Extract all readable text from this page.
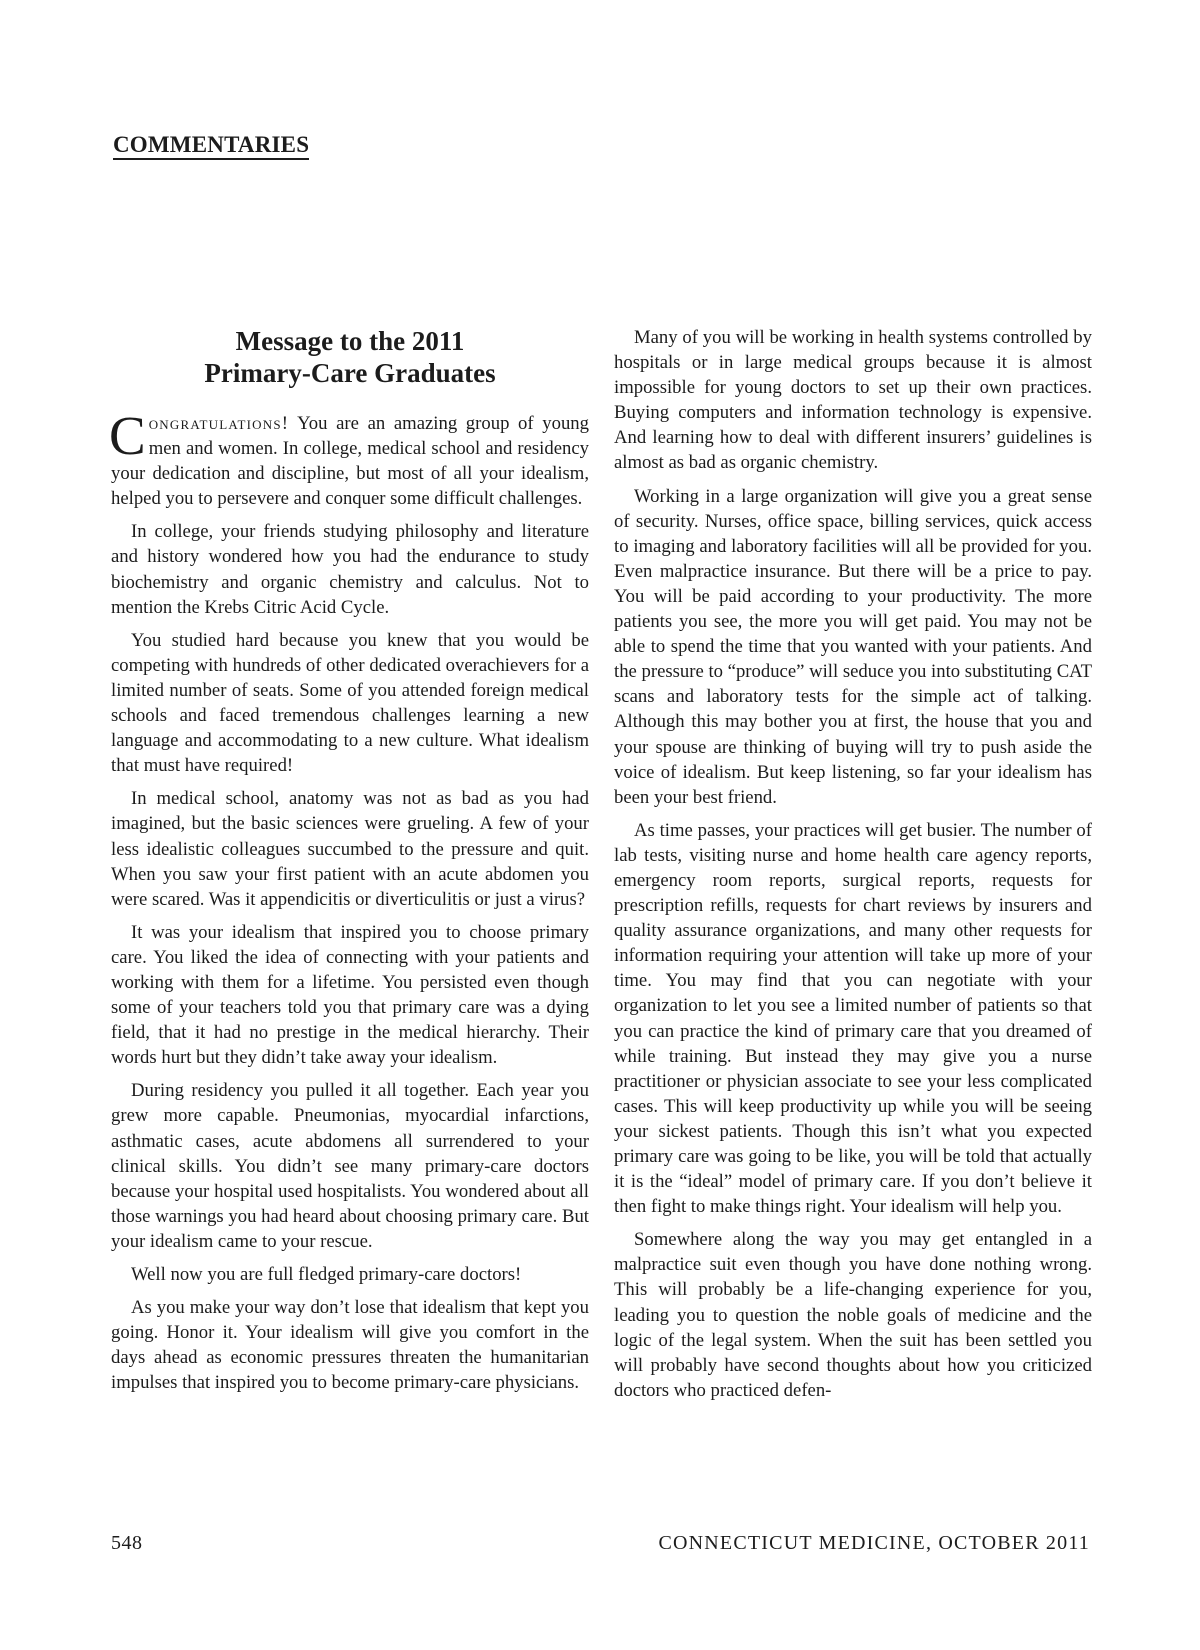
COMMENTARIES
Message to the 2011
Primary-Care Graduates

Congratulations! You are an amazing group of young men and women. In college, medical school and residency your dedication and discipline, but most of all your idealism, helped you to persevere and conquer some difficult challenges.

In college, your friends studying philosophy and literature and history wondered how you had the endurance to study biochemistry and organic chemistry and calculus. Not to mention the Krebs Citric Acid Cycle.

You studied hard because you knew that you would be competing with hundreds of other dedicated overachievers for a limited number of seats. Some of you attended foreign medical schools and faced tremendous challenges learning a new language and accommodating to a new culture. What idealism that must have required!

In medical school, anatomy was not as bad as you had imagined, but the basic sciences were grueling. A few of your less idealistic colleagues succumbed to the pressure and quit. When you saw your first patient with an acute abdomen you were scared. Was it appendicitis or diverticulitis or just a virus?

It was your idealism that inspired you to choose primary care. You liked the idea of connecting with your patients and working with them for a lifetime. You persisted even though some of your teachers told you that primary care was a dying field, that it had no prestige in the medical hierarchy. Their words hurt but they didn’t take away your idealism.

During residency you pulled it all together. Each year you grew more capable. Pneumonias, myocardial infarctions, asthmatic cases, acute abdomens all surrendered to your clinical skills. You didn’t see many primary-care doctors because your hospital used hospitalists. You wondered about all those warnings you had heard about choosing primary care. But your idealism came to your rescue.

Well now you are full fledged primary-care doctors!

As you make your way don’t lose that idealism that kept you going. Honor it. Your idealism will give you comfort in the days ahead as economic pressures threaten the humanitarian impulses that inspired you to become primary-care physicians.

Many of you will be working in health systems controlled by hospitals or in large medical groups because it is almost impossible for young doctors to set up their own practices. Buying computers and information technology is expensive. And learning how to deal with different insurers’ guidelines is almost as bad as organic chemistry.

Working in a large organization will give you a great sense of security. Nurses, office space, billing services, quick access to imaging and laboratory facilities will all be provided for you. Even malpractice insurance. But there will be a price to pay. You will be paid according to your productivity. The more patients you see, the more you will get paid. You may not be able to spend the time that you wanted with your patients. And the pressure to “produce” will seduce you into substituting CAT scans and laboratory tests for the simple act of talking. Although this may bother you at first, the house that you and your spouse are thinking of buying will try to push aside the voice of idealism. But keep listening, so far your idealism has been your best friend.

As time passes, your practices will get busier. The number of lab tests, visiting nurse and home health care agency reports, emergency room reports, surgical reports, requests for prescription refills, requests for chart reviews by insurers and quality assurance organizations, and many other requests for information requiring your attention will take up more of your time. You may find that you can negotiate with your organization to let you see a limited number of patients so that you can practice the kind of primary care that you dreamed of while training. But instead they may give you a nurse practitioner or physician associate to see your less complicated cases. This will keep productivity up while you will be seeing your sickest patients. Though this isn’t what you expected primary care was going to be like, you will be told that actually it is the “ideal” model of primary care. If you don’t believe it then fight to make things right. Your idealism will help you.

Somewhere along the way you may get entangled in a malpractice suit even though you have done nothing wrong. This will probably be a life-changing experience for you, leading you to question the noble goals of medicine and the logic of the legal system. When the suit has been settled you will probably have second thoughts about how you criticized doctors who practiced defen-

548	CONNECTICUT MEDICINE, OCTOBER 2011
